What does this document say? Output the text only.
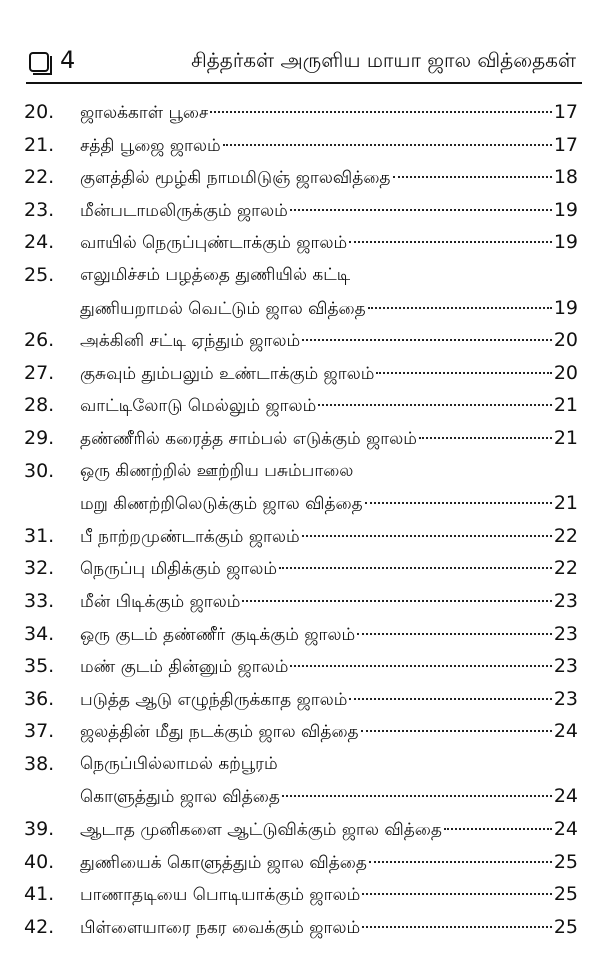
4	சித்தர்கள் அருளிய மாயா ஜால வித்தைகள்
20.	ஜாலக்காள் பூசை	17
21.	சத்தி பூஜை ஜாலம்	17
22.	குளத்தில் மூழ்கி நாமமிடுஞ் ஜாலவித்தை	18
23.	மீன்படாமலிருக்கும் ஜாலம்	19
24.	வாயில் நெருப்புண்டாக்கும் ஜாலம்	19
25.	எலுமிச்சம் பழத்தை துணியில் கட்டி
துணியறாமல் வெட்டும் ஜால வித்தை	19
26.	அக்கினி சட்டி ஏந்தும் ஜாலம்	20
27.	குசுவும் தும்பலும் உண்டாக்கும் ஜாலம்	20
28.	வாட்டிலோடு மெல்லும் ஜாலம்	21
29.	தண்ணீரில் கரைத்த சாம்பல் எடுக்கும் ஜாலம்	21
30.	ஒரு கிணற்றில் ஊற்றிய பசும்பாலை
மறு கிணற்றிலெடுக்கும் ஜால வித்தை	21
31.	பீ நாற்றமுண்டாக்கும் ஜாலம்	22
32.	நெருப்பு மிதிக்கும் ஜாலம்	22
33.	மீன் பிடிக்கும் ஜாலம்	23
34.	ஒரு குடம் தண்ணீர் குடிக்கும் ஜாலம்	23
35.	மண் குடம் தின்னும் ஜாலம்	23
36.	படுத்த ஆடு எழுந்திருக்காத ஜாலம்	23
37.	ஜலத்தின் மீது நடக்கும் ஜால வித்தை	24
38.	நெருப்பில்லாமல் கற்பூரம்
கொளுத்தும் ஜால வித்தை	24
39.	ஆடாத முனிகளை ஆட்டுவிக்கும் ஜால வித்தை	24
40.	துணியைக் கொளுத்தும் ஜால வித்தை	25
41.	பாணாதடியை பொடியாக்கும் ஜாலம்	25
42.	பிள்ளையாரை நகர வைக்கும் ஜாலம்	25
